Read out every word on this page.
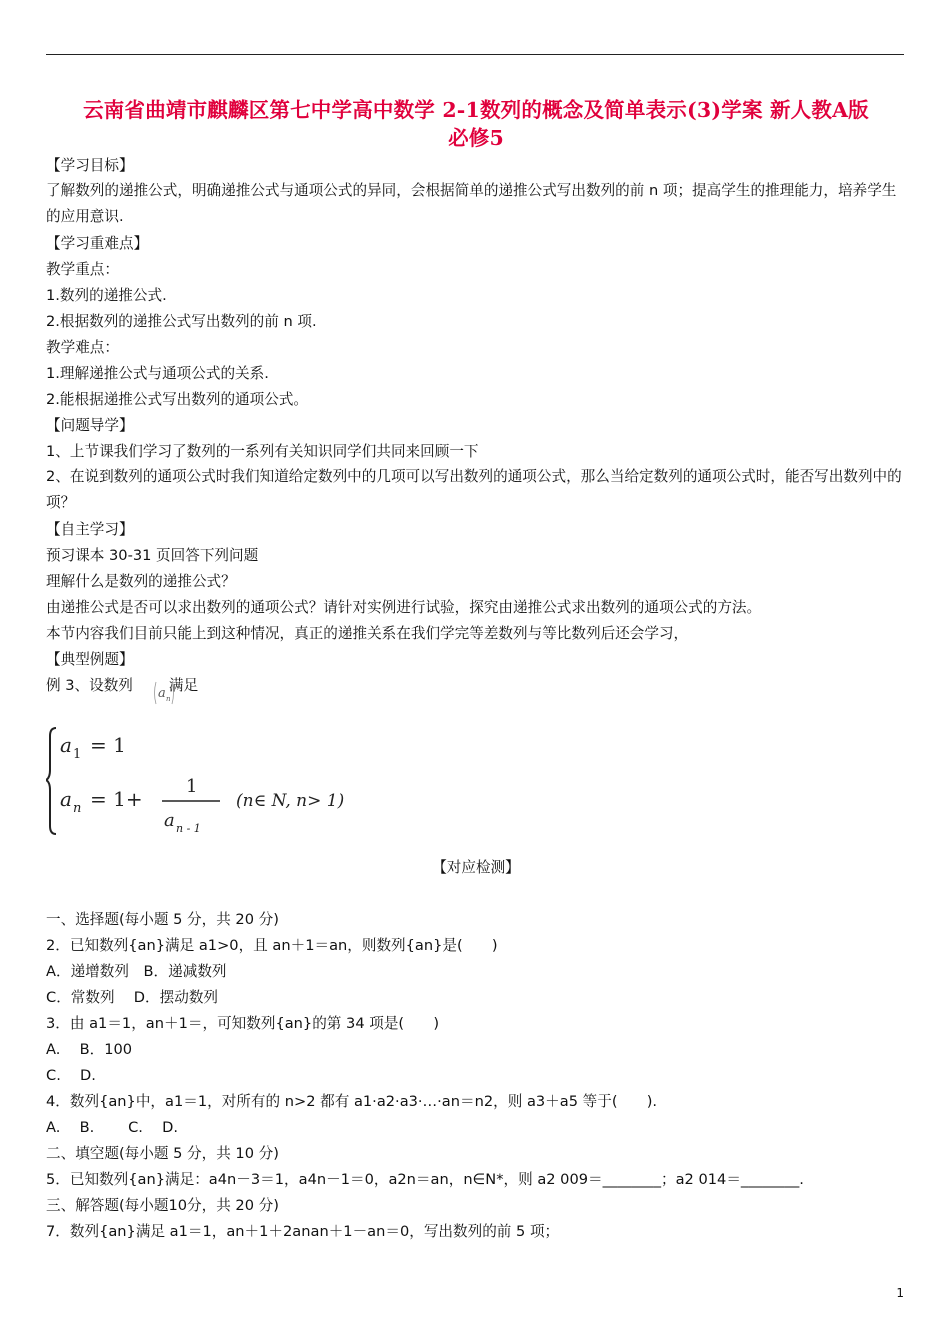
云南省曲靖市麒麟区第七中学高中数学 2-1数列的概念及简单表示(3)学案 新人教A版
必修5
【学习目标】
了解数列的递推公式，明确递推公式与通项公式的异同，会根据简单的递推公式写出数列的前 n 项；提高学生的推理能力，培养学生的应用意识.
【学习重难点】
教学重点：
1.数列的递推公式.
2.根据数列的递推公式写出数列的前 n 项.
教学难点：
1.理解递推公式与通项公式的关系.
2.能根据递推公式写出数列的通项公式。
【问题导学】
1、上节课我们学习了数列的一系列有关知识同学们共同来回顾一下
2、在说到数列的通项公式时我们知道给定数列中的几项可以写出数列的通项公式，那么当给定数列的通项公式时，能否写出数列中的项？
【自主学习】
预习课本 30-31 页回答下列问题
理解什么是数列的递推公式？
由递推公式是否可以求出数列的通项公式？请针对实例进行试验，探究由递推公式求出数列的通项公式的方法。
本节内容我们目前只能上到这种情况，真正的递推关系在我们学完等差数列与等比数列后还会学习，
【典型例题】
例 3、设数列 满足
a n
a 1 = 1
a n = 1+
1
a n - 1
(n∈ N, n> 1)
【对应检测】
一、选择题(每小题 5 分，共 20 分)
2．已知数列{an}满足 a1>0，且 an＋1＝an，则数列{an}是(　　)
A．递增数列　B．递减数列
C．常数列　 D．摆动数列
3．由 a1＝1，an＋1＝，可知数列{an}的第 34 项是(　　)
A.　 B．100
C.　 D.
4．数列{an}中，a1＝1，对所有的 n>2 都有 a1·a2·a3·…·an＝n2，则 a3＋a5 等于(　　).
A.　 B.　　 C.　 D.
二、填空题(每小题 5 分，共 10 分)
5．已知数列{an}满足：a4n－3＝1，a4n－1＝0，a2n＝an，n∈N*，则 a2 009＝________；a2 014＝________.
三、解答题(每小题10分，共 20 分)
7．数列{an}满足 a1＝1，an＋1＋2anan＋1－an＝0，写出数列的前 5 项；
1
